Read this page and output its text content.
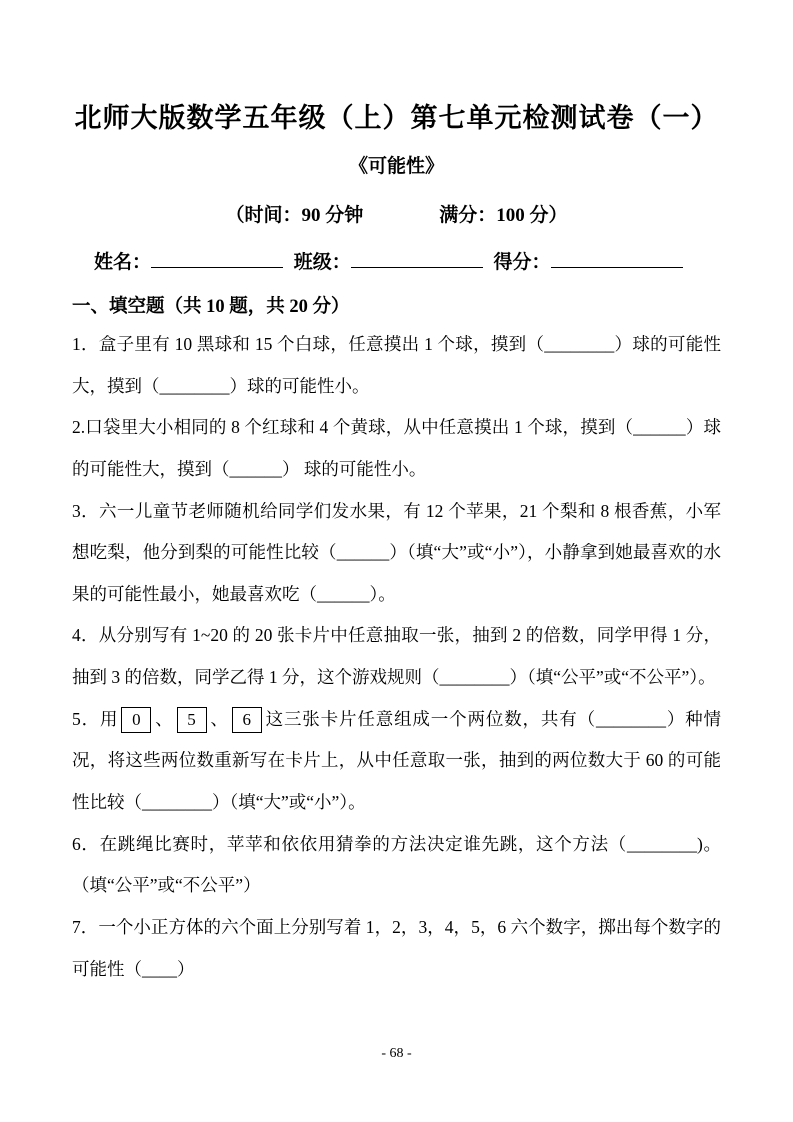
北师大版数学五年级（上）第七单元检测试卷（一）
《可能性》
（时间：90 分钟　　　　满分：100 分）
姓名：	班级：	得分：
一、填空题（共 10 题，共 20 分）

1．盒子里有 10 黑球和 15 个白球，任意摸出 1 个球，摸到（________）球的可能性大，摸到（________）球的可能性小。

2.口袋里大小相同的 8 个红球和 4 个黄球，从中任意摸出 1 个球，摸到（______）球的可能性大，摸到（______） 球的可能性小。

3．六一儿童节老师随机给同学们发水果，有 12 个苹果，21 个梨和 8 根香蕉，小军想吃梨，他分到梨的可能性比较（______）（填“大”或“小”），小静拿到她最喜欢的水果的可能性最小，她最喜欢吃（______）。

4．从分别写有 1~20 的 20 张卡片中任意抽取一张，抽到 2 的倍数，同学甲得 1 分，抽到 3 的倍数，同学乙得 1 分，这个游戏规则（________）（填“公平”或“不公平”）。

5．用 0 、 5 、 6 这三张卡片任意组成一个两位数，共有（________）种情况，将这些两位数重新写在卡片上，从中任意取一张，抽到的两位数大于 60 的可能性比较（________）（填“大”或“小”）。

6．在跳绳比赛时，苹苹和依依用猜拳的方法决定谁先跳，这个方法（________)。（填“公平”或“不公平”）

7．一个小正方体的六个面上分别写着 1，2，3，4，5，6 六个数字，掷出每个数字的可能性（____）

- 68 -
